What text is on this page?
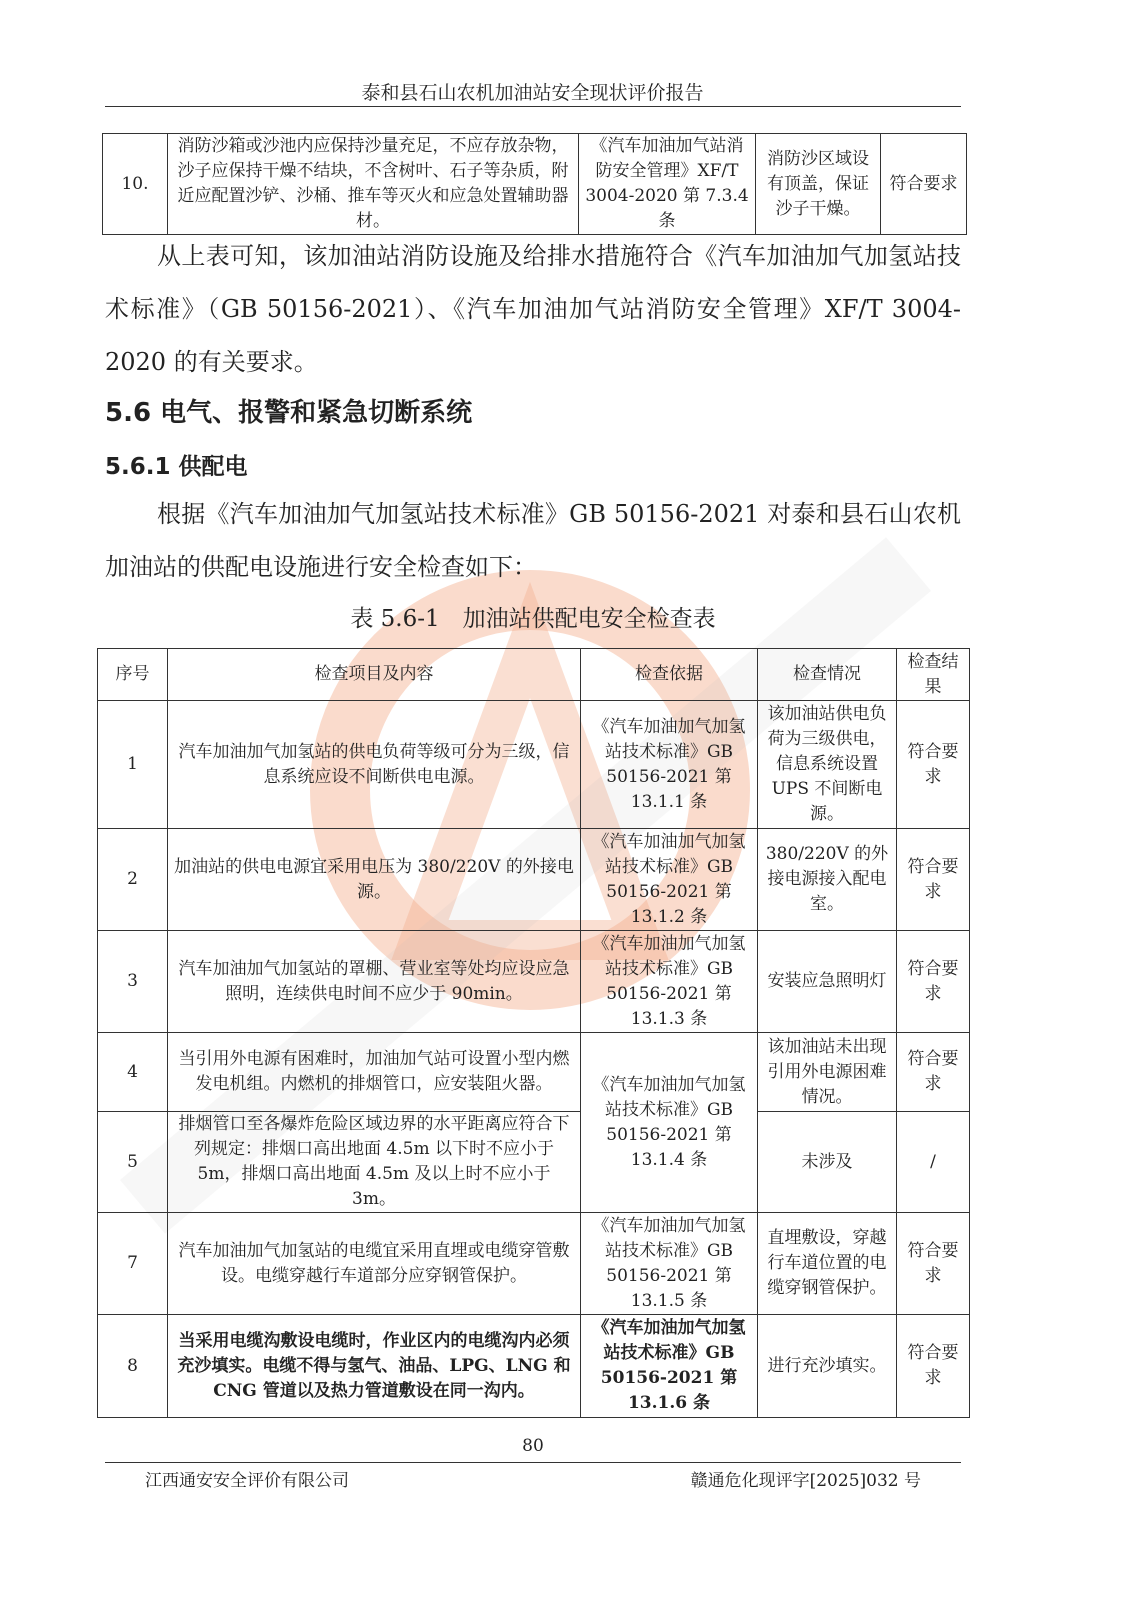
泰和县石山农机加油站安全现状评价报告
10.	消防沙箱或沙池内应保持沙量充足，不应存放杂物，沙子应保持干燥不结块，不含树叶、石子等杂质，附近应配置沙铲、沙桶、推车等灭火和应急处置辅助器材。	《汽车加油加气站消防安全管理》XF/T 3004-2020 第 7.3.4 条	消防沙区域设有顶盖，保证沙子干燥。	符合要求
从上表可知，该加油站消防设施及给排水措施符合《汽车加油加气加氢站技术标准》（GB 50156-2021）、《汽车加油加气站消防安全管理》XF/T 3004-2020 的有关要求。
5.6 电气、报警和紧急切断系统
5.6.1 供配电
根据《汽车加油加气加氢站技术标准》GB 50156-2021 对泰和县石山农机加油站的供配电设施进行安全检查如下：
表 5.6-1　加油站供配电安全检查表
序号	检查项目及内容	检查依据	检查情况	检查结果
1	汽车加油加气加氢站的供电负荷等级可分为三级，信息系统应设不间断供电电源。	《汽车加油加气加氢站技术标准》GB 50156-2021 第 13.1.1 条	该加油站供电负荷为三级供电，信息系统设置 UPS 不间断电源。	符合要求
2	加油站的供电电源宜采用电压为 380/220V 的外接电源。	《汽车加油加气加氢站技术标准》GB 50156-2021 第 13.1.2 条	380/220V 的外接电源接入配电室。	符合要求
3	汽车加油加气加氢站的罩棚、营业室等处均应设应急照明，连续供电时间不应少于 90min。	《汽车加油加气加氢站技术标准》GB 50156-2021 第 13.1.3 条	安装应急照明灯	符合要求
4	当引用外电源有困难时，加油加气站可设置小型内燃发电机组。内燃机的排烟管口，应安装阻火器。	《汽车加油加气加氢站技术标准》GB 50156-2021 第 13.1.4 条	该加油站未出现引用外电源困难情况。	符合要求
5	排烟管口至各爆炸危险区域边界的水平距离应符合下列规定：排烟口高出地面 4.5m 以下时不应小于 5m，排烟口高出地面 4.5m 及以上时不应小于 3m。		未涉及	/
7	汽车加油加气加氢站的电缆宜采用直埋或电缆穿管敷设。电缆穿越行车道部分应穿钢管保护。	《汽车加油加气加氢站技术标准》GB 50156-2021 第 13.1.5 条	直埋敷设，穿越行车道位置的电缆穿钢管保护。	符合要求
8	当采用电缆沟敷设电缆时，作业区内的电缆沟内必须充沙填实。电缆不得与氢气、油品、LPG、LNG 和 CNG 管道以及热力管道敷设在同一沟内。	《汽车加油加气加氢站技术标准》GB 50156-2021 第 13.1.6 条	进行充沙填实。	符合要求
80
江西通安安全评价有限公司	赣通危化现评字[2025]032 号
